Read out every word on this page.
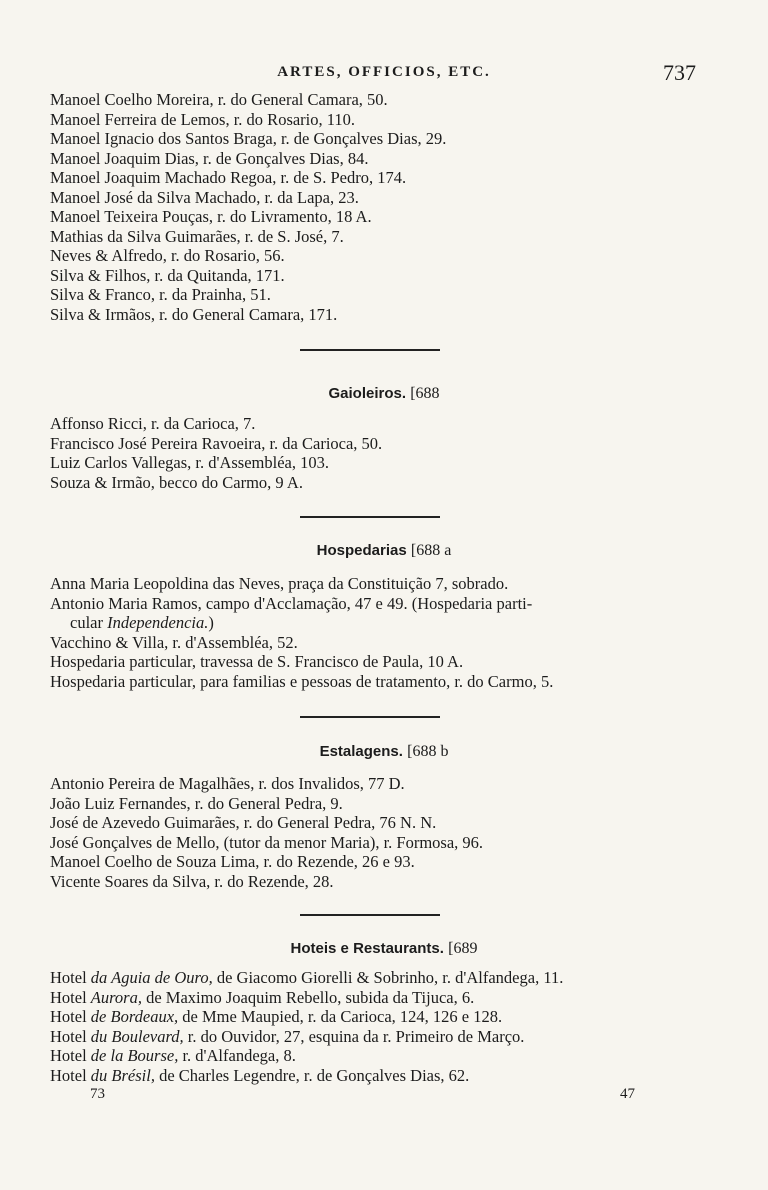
ARTES, OFFICIOS, ETC.	737
Manoel Coelho Moreira, r. do General Camara, 50.
Manoel Ferreira de Lemos, r. do Rosario, 110.
Manoel Ignacio dos Santos Braga, r. de Gonçalves Dias, 29.
Manoel Joaquim Dias, r. de Gonçalves Dias, 84.
Manoel Joaquim Machado Regoa, r. de S. Pedro, 174.
Manoel José da Silva Machado, r. da Lapa, 23.
Manoel Teixeira Pouças, r. do Livramento, 18 A.
Mathias da Silva Guimarães, r. de S. José, 7.
Neves & Alfredo, r. do Rosario, 56.
Silva & Filhos, r. da Quitanda, 171.
Silva & Franco, r. da Prainha, 51.
Silva & Irmãos, r. do General Camara, 171.
Gaioleiros. [688
Affonso Ricci, r. da Carioca, 7.
Francisco José Pereira Ravoeira, r. da Carioca, 50.
Luiz Carlos Vallegas, r. d'Assembléa, 103.
Souza & Irmão, becco do Carmo, 9 A.
Hospedarias [688 a
Anna Maria Leopoldina das Neves, praça da Constituição 7, sobrado.
Antonio Maria Ramos, campo d'Acclamação, 47 e 49. (Hospedaria parti-
cular Independencia.)
Vacchino & Villa, r. d'Assembléa, 52.
Hospedaria particular, travessa de S. Francisco de Paula, 10 A.
Hospedaria particular, para familias e pessoas de tratamento, r. do Carmo, 5.
Estalagens. [688 b
Antonio Pereira de Magalhães, r. dos Invalidos, 77 D.
João Luiz Fernandes, r. do General Pedra, 9.
José de Azevedo Guimarães, r. do General Pedra, 76 N. N.
José Gonçalves de Mello, (tutor da menor Maria), r. Formosa, 96.
Manoel Coelho de Souza Lima, r. do Rezende, 26 e 93.
Vicente Soares da Silva, r. do Rezende, 28.
Hoteis e Restaurants. [689
Hotel da Aguia de Ouro, de Giacomo Giorelli & Sobrinho, r. d'Alfandega, 11.
Hotel Aurora, de Maximo Joaquim Rebello, subida da Tijuca, 6.
Hotel de Bordeaux, de Mme Maupied, r. da Carioca, 124, 126 e 128.
Hotel du Boulevard, r. do Ouvidor, 27, esquina da r. Primeiro de Março.
Hotel de la Bourse, r. d'Alfandega, 8.
Hotel du Brésil, de Charles Legendre, r. de Gonçalves Dias, 62.
73	47
